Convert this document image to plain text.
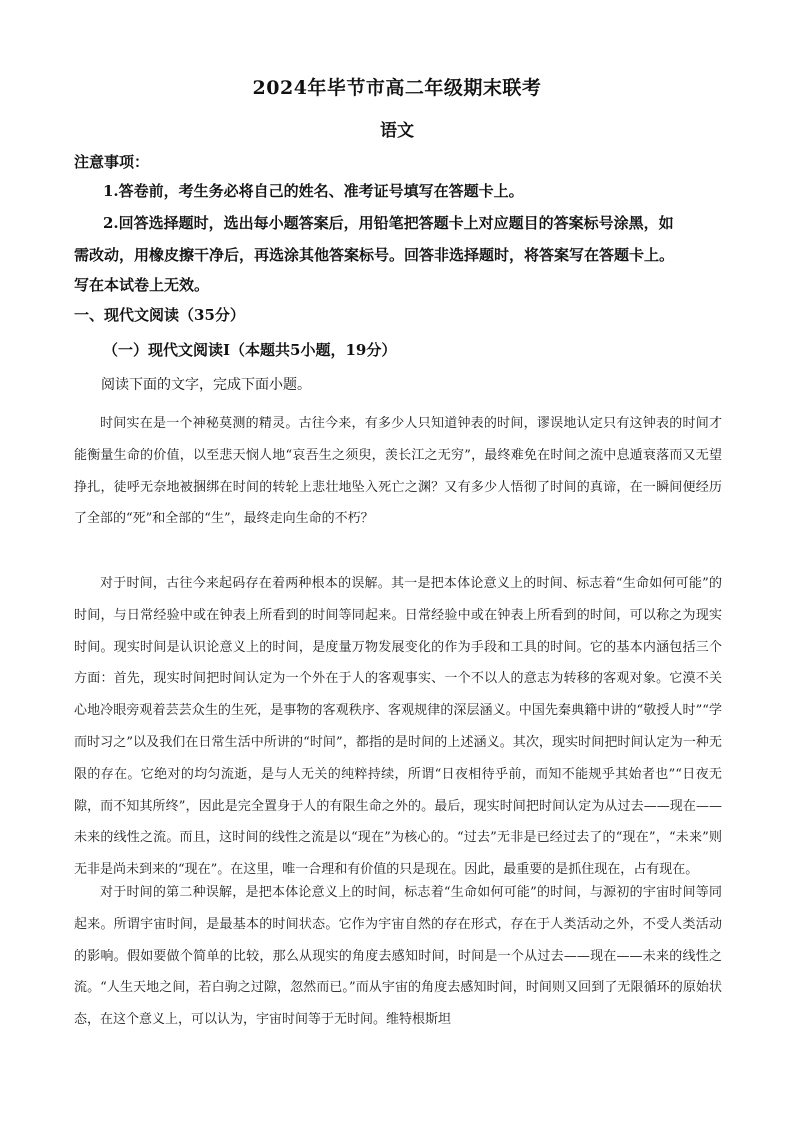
2024年毕节市高二年级期末联考
语文
注意事项：
1.答卷前，考生务必将自己的姓名、准考证号填写在答题卡上。
2.回答选择题时，选出每小题答案后，用铅笔把答题卡上对应题目的答案标号涂黑，如
需改动，用橡皮擦干净后，再选涂其他答案标号。回答非选择题时，将答案写在答题卡上。
写在本试卷上无效。
一、现代文阅读（35分）
（一）现代文阅读Ⅰ（本题共5小题，19分）
阅读下面的文字，完成下面小题。

时间实在是一个神秘莫测的精灵。古往今来，有多少人只知道钟表的时间，谬误地认定只有这钟表的时间才能衡量生命的价值，以至悲天悯人地“哀吾生之须臾，羡长江之无穷”，最终难免在时间之流中息遁衰落而又无望挣扎，徒呼无奈地被捆绑在时间的转轮上悲壮地坠入死亡之渊？又有多少人悟彻了时间的真谛，在一瞬间便经历了全部的“死”和全部的“生”，最终走向生命的不朽？

对于时间，古往今来起码存在着两种根本的误解。其一是把本体论意义上的时间、标志着“生命如何可能”的时间，与日常经验中或在钟表上所看到的时间等同起来。日常经验中或在钟表上所看到的时间，可以称之为现实时间。现实时间是认识论意义上的时间，是度量万物发展变化的作为手段和工具的时间。它的基本内涵包括三个方面：首先，现实时间把时间认定为一个外在于人的客观事实、一个不以人的意志为转移的客观对象。它漠不关心地冷眼旁观着芸芸众生的生死，是事物的客观秩序、客观规律的深层涵义。中国先秦典籍中讲的“敬授人时”“学而时习之”以及我们在日常生活中所讲的“时间”，都指的是时间的上述涵义。其次，现实时间把时间认定为一种无限的存在。它绝对的均匀流逝，是与人无关的纯粹持续，所谓“日夜相待乎前，而知不能规乎其始者也”“日夜无隙，而不知其所终”，因此是完全置身于人的有限生命之外的。最后，现实时间把时间认定为从过去——现在——未来的线性之流。而且，这时间的线性之流是以“现在”为核心的。“过去”无非是已经过去了的“现在”，“未来”则无非是尚未到来的“现在”。在这里，唯一合理和有价值的只是现在。因此，最重要的是抓住现在，占有现在。

对于时间的第二种误解，是把本体论意义上的时间，标志着“生命如何可能”的时间，与源初的宇宙时间等同起来。所谓宇宙时间，是最基本的时间状态。它作为宇宙自然的存在形式，存在于人类活动之外，不受人类活动的影响。假如要做个简单的比较，那么从现实的角度去感知时间，时间是一个从过去——现在——未来的线性之流。“人生天地之间，若白驹之过隙，忽然而已。”而从宇宙的角度去感知时间，时间则又回到了无限循环的原始状态，在这个意义上，可以认为，宇宙时间等于无时间。维特根斯坦
